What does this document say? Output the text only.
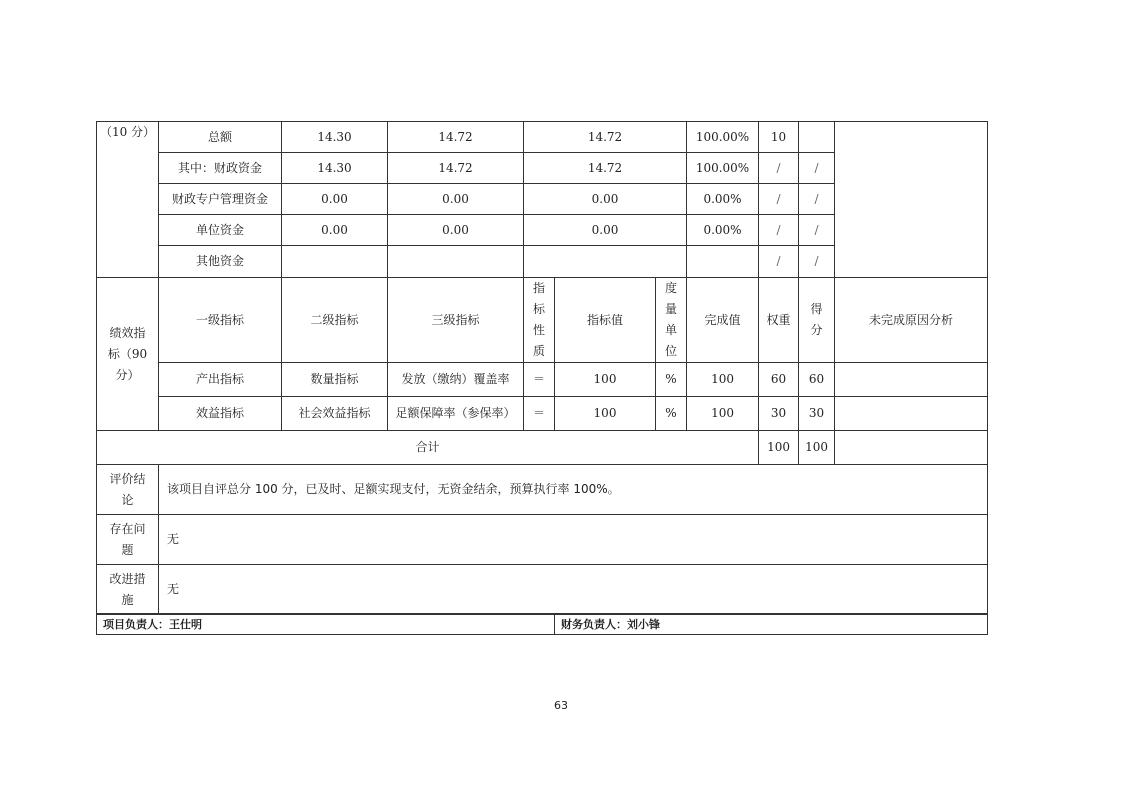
（10 分）	总额	14.30	14.72	14.72			100.00%	10		
	其中：财政资金	14.30	14.72	14.72			100.00%	/	/	
	财政专户管理资金	0.00	0.00	0.00			0.00%	/	/	
	单位资金	0.00	0.00	0.00			0.00%	/	/	
	其他资金							/	/	
绩效指标（90 分）	一级指标	二级指标	三级指标	指标性质	指标值	度量单位	完成值	权重	得分	未完成原因分析
	产出指标	数量指标	发放（缴纳）覆盖率	＝	100	%	100	60	60	
	效益指标	社会效益指标	足额保障率（参保率）	＝	100	%	100	30	30	
合计								100	100	
评价结论	该项目自评总分 100 分，已及时、足额实现支付，无资金结余，预算执行率 100%。									
存在问题	无									
改进措施	无									
项目负责人：王仕明	财务负责人：刘小锋
63
